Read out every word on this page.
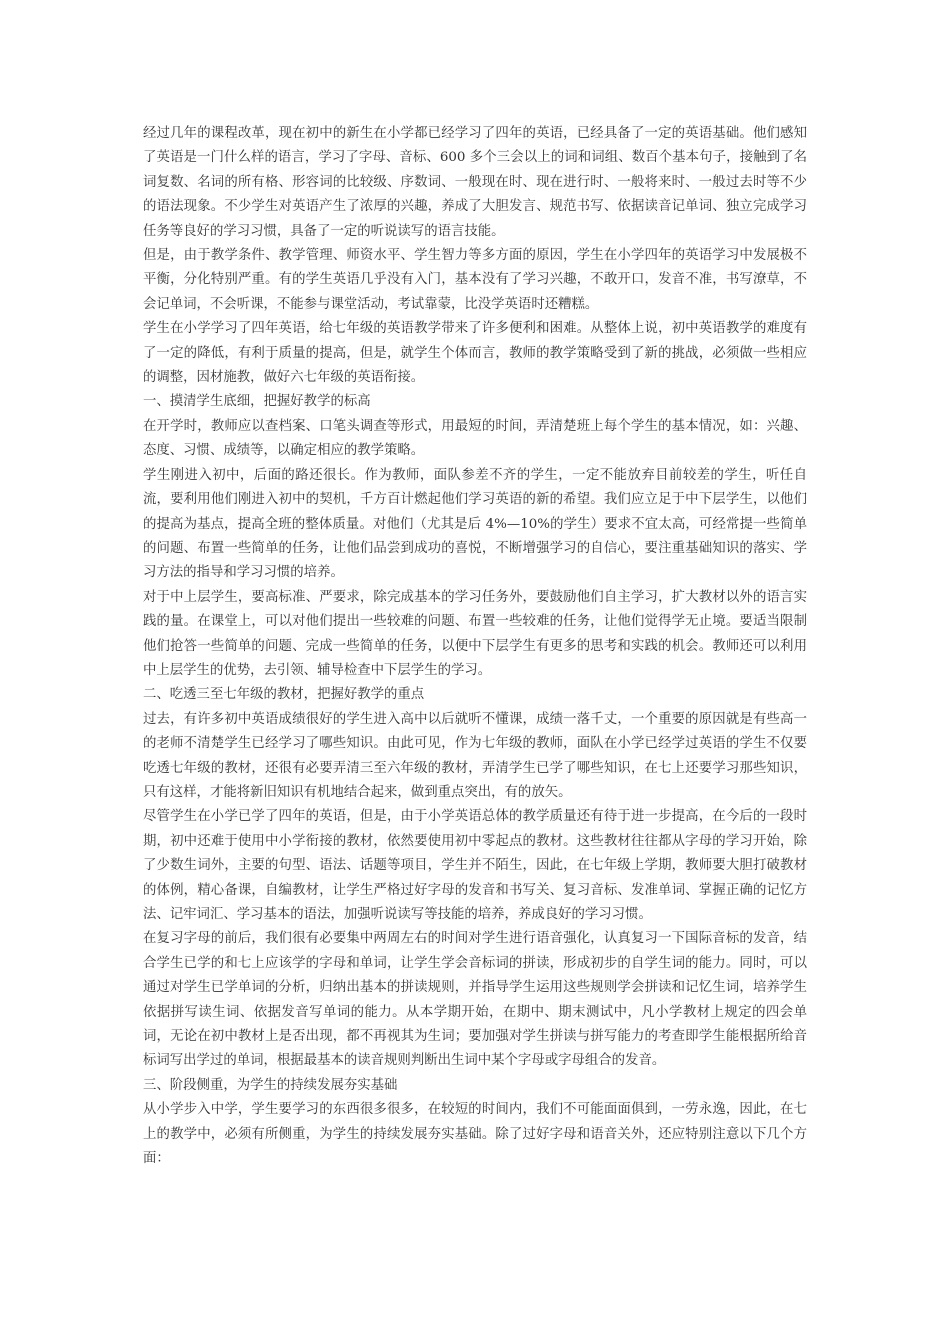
经过几年的课程改革，现在初中的新生在小学都已经学习了四年的英语，已经具备了一定的英语基础。他们感知了英语是一门什么样的语言，学习了字母、音标、600 多个三会以上的词和词组、数百个基本句子，接触到了名词复数、名词的所有格、形容词的比较级、序数词、一般现在时、现在进行时、一般将来时、一般过去时等不少的语法现象。不少学生对英语产生了浓厚的兴趣，养成了大胆发言、规范书写、依据读音记单词、独立完成学习任务等良好的学习习惯，具备了一定的听说读写的语言技能。

但是，由于教学条件、教学管理、师资水平、学生智力等多方面的原因，学生在小学四年的英语学习中发展极不平衡，分化特别严重。有的学生英语几乎没有入门，基本没有了学习兴趣，不敢开口，发音不准，书写潦草，不会记单词，不会听课，不能参与课堂活动，考试靠蒙，比没学英语时还糟糕。

学生在小学学习了四年英语，给七年级的英语教学带来了许多便利和困难。从整体上说，初中英语教学的难度有了一定的降低，有利于质量的提高，但是，就学生个体而言，教师的教学策略受到了新的挑战，必须做一些相应的调整，因材施教，做好六七年级的英语衔接。

一、摸清学生底细，把握好教学的标高

在开学时，教师应以查档案、口笔头调查等形式，用最短的时间，弄清楚班上每个学生的基本情况，如：兴趣、态度、习惯、成绩等，以确定相应的教学策略。

学生刚进入初中，后面的路还很长。作为教师，面队参差不齐的学生，一定不能放弃目前较差的学生，听任自流，要利用他们刚进入初中的契机，千方百计燃起他们学习英语的新的希望。我们应立足于中下层学生，以他们的提高为基点，提高全班的整体质量。对他们（尤其是后 4%—10%的学生）要求不宜太高，可经常提一些简单的问题、布置一些简单的任务，让他们品尝到成功的喜悦，不断增强学习的自信心，要注重基础知识的落实、学习方法的指导和学习习惯的培养。

对于中上层学生，要高标准、严要求，除完成基本的学习任务外，要鼓励他们自主学习，扩大教材以外的语言实践的量。在课堂上，可以对他们提出一些较难的问题、布置一些较难的任务，让他们觉得学无止境。要适当限制他们抢答一些简单的问题、完成一些简单的任务，以便中下层学生有更多的思考和实践的机会。教师还可以利用中上层学生的优势，去引领、辅导检查中下层学生的学习。

二、吃透三至七年级的教材，把握好教学的重点

过去，有许多初中英语成绩很好的学生进入高中以后就听不懂课，成绩一落千丈，一个重要的原因就是有些高一的老师不清楚学生已经学习了哪些知识。由此可见，作为七年级的教师，面队在小学已经学过英语的学生不仅要吃透七年级的教材，还很有必要弄清三至六年级的教材，弄清学生已学了哪些知识，在七上还要学习那些知识，只有这样，才能将新旧知识有机地结合起来，做到重点突出，有的放矢。

尽管学生在小学已学了四年的英语，但是，由于小学英语总体的教学质量还有待于进一步提高，在今后的一段时期，初中还难于使用中小学衔接的教材，依然要使用初中零起点的教材。这些教材往往都从字母的学习开始，除了少数生词外，主要的句型、语法、话题等项目，学生并不陌生，因此，在七年级上学期，教师要大胆打破教材的体例，精心备课，自编教材，让学生严格过好字母的发音和书写关、复习音标、发准单词、掌握正确的记忆方法、记牢词汇、学习基本的语法，加强听说读写等技能的培养，养成良好的学习习惯。

在复习字母的前后，我们很有必要集中两周左右的时间对学生进行语音强化，认真复习一下国际音标的发音，结合学生已学的和七上应该学的字母和单词，让学生学会音标词的拼读，形成初步的自学生词的能力。同时，可以通过对学生已学单词的分析，归纳出基本的拼读规则，并指导学生运用这些规则学会拼读和记忆生词，培养学生依据拼写读生词、依据发音写单词的能力。从本学期开始，在期中、期末测试中，凡小学教材上规定的四会单词，无论在初中教材上是否出现，都不再视其为生词；要加强对学生拼读与拼写能力的考查即学生能根据所给音标词写出学过的单词，根据最基本的读音规则判断出生词中某个字母或字母组合的发音。

三、阶段侧重，为学生的持续发展夯实基础

从小学步入中学，学生要学习的东西很多很多，在较短的时间内，我们不可能面面俱到，一劳永逸，因此，在七上的教学中，必须有所侧重，为学生的持续发展夯实基础。除了过好字母和语音关外，还应特别注意以下几个方面：
